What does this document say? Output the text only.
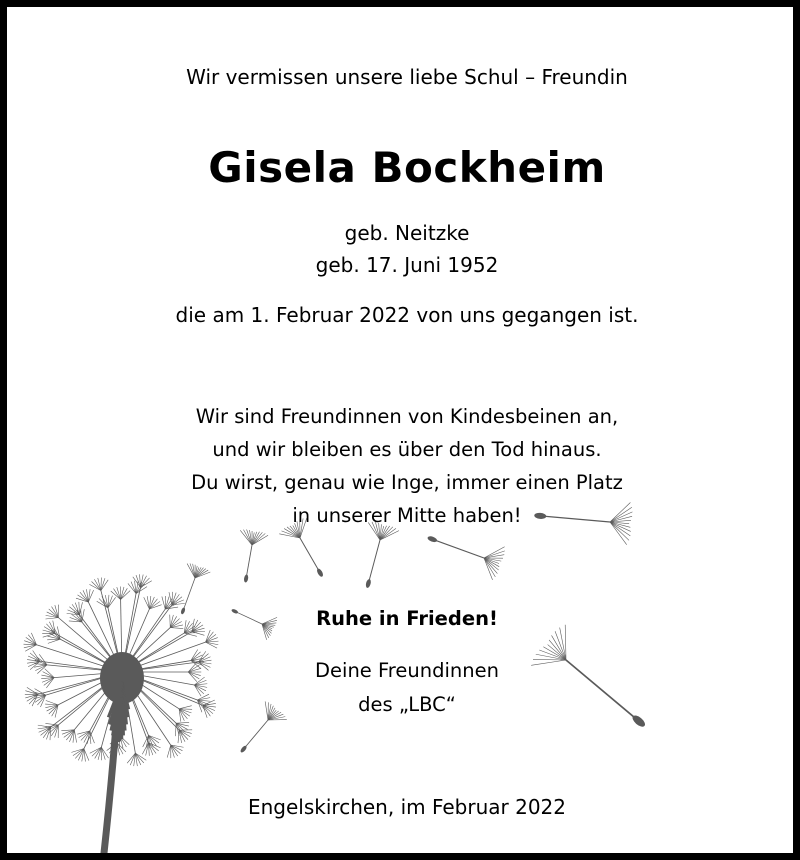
Wir vermissen unsere liebe Schul – Freundin
Gisela Bockheim
geb. Neitzke
geb. 17. Juni 1952
die am 1. Februar 2022 von uns gegangen ist.
Wir sind Freundinnen von Kindesbeinen an,
und wir bleiben es über den Tod hinaus.
Du wirst, genau wie Inge, immer einen Platz
in unserer Mitte haben!
Ruhe in Frieden!
Deine Freundinnen
des „LBC“
Engelskirchen, im Februar 2022
